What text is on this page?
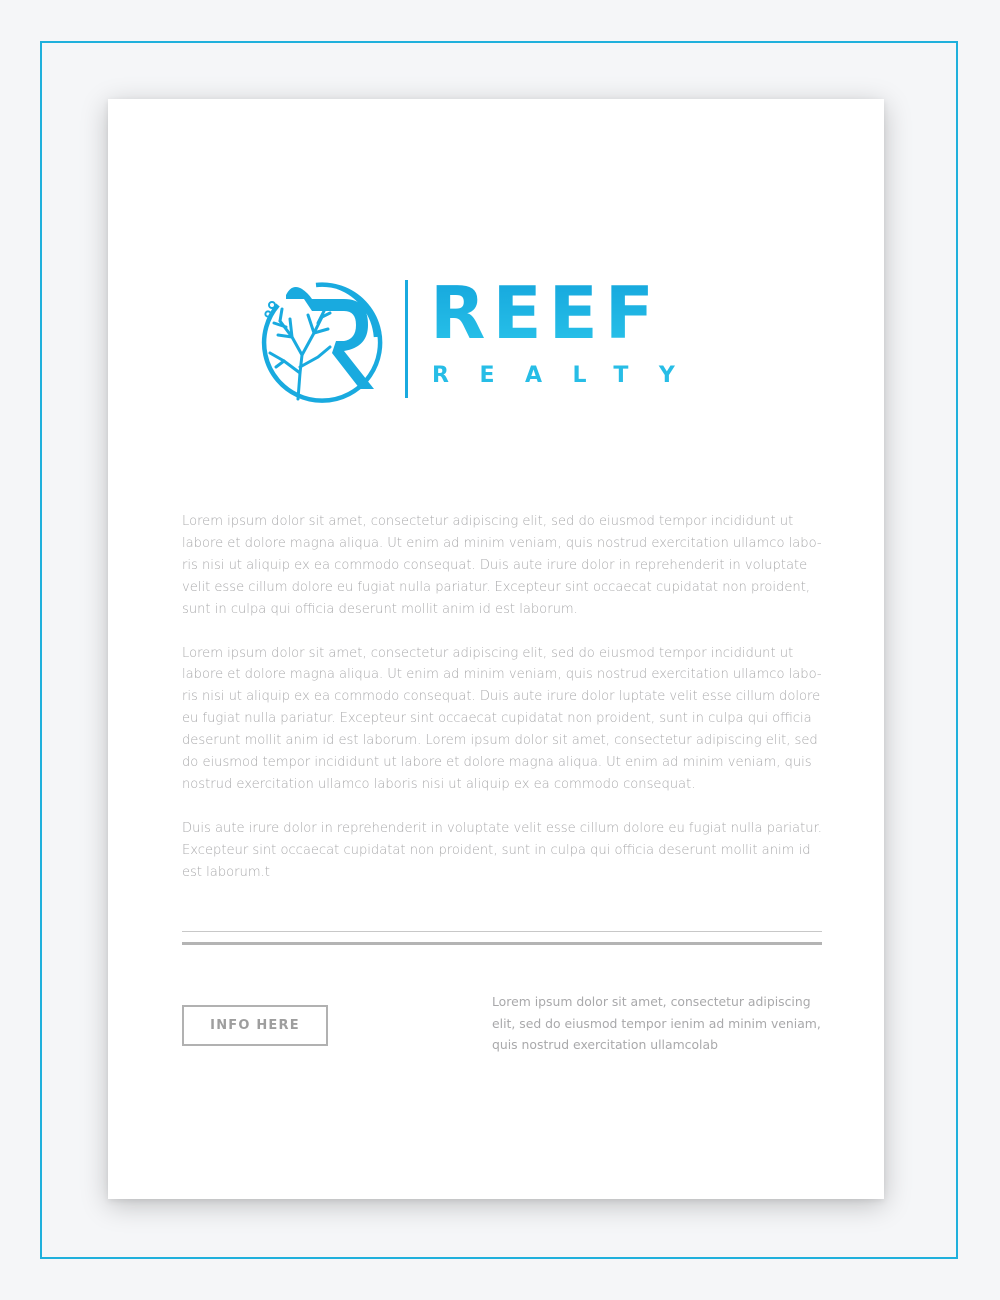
REEF
REALTY

Lorem ipsum dolor sit amet, consectetur adipiscing elit, sed do eiusmod tempor incididunt ut labore et dolore magna aliqua. Ut enim ad minim veniam, quis nostrud exercitation ullamco labo-ris nisi ut aliquip ex ea commodo consequat. Duis aute irure dolor in reprehenderit in voluptate velit esse cillum dolore eu fugiat nulla pariatur. Excepteur sint occaecat cupidatat non proident, sunt in culpa qui officia deserunt mollit anim id est laborum.

Lorem ipsum dolor sit amet, consectetur adipiscing elit, sed do eiusmod tempor incididunt ut labore et dolore magna aliqua. Ut enim ad minim veniam, quis nostrud exercitation ullamco labo-ris nisi ut aliquip ex ea commodo consequat. Duis aute irure dolor luptate velit esse cillum dolore eu fugiat nulla pariatur. Excepteur sint occaecat cupidatat non proident, sunt in culpa qui officia deserunt mollit anim id est laborum. Lorem ipsum dolor sit amet, consectetur adipiscing elit, sed do eiusmod tempor incididunt ut labore et dolore magna aliqua. Ut enim ad minim veniam, quis nostrud exercitation ullamco laboris nisi ut aliquip ex ea commodo consequat.

Duis aute irure dolor in reprehenderit in voluptate velit esse cillum dolore eu fugiat nulla pariatur. Excepteur sint occaecat cupidatat non proident, sunt in culpa qui officia deserunt mollit anim id est laborum.t

INFO HERE
Lorem ipsum dolor sit amet, consectetur adipiscing elit, sed do eiusmod tempor ienim ad minim veniam, quis nostrud exercitation ullamcolab
